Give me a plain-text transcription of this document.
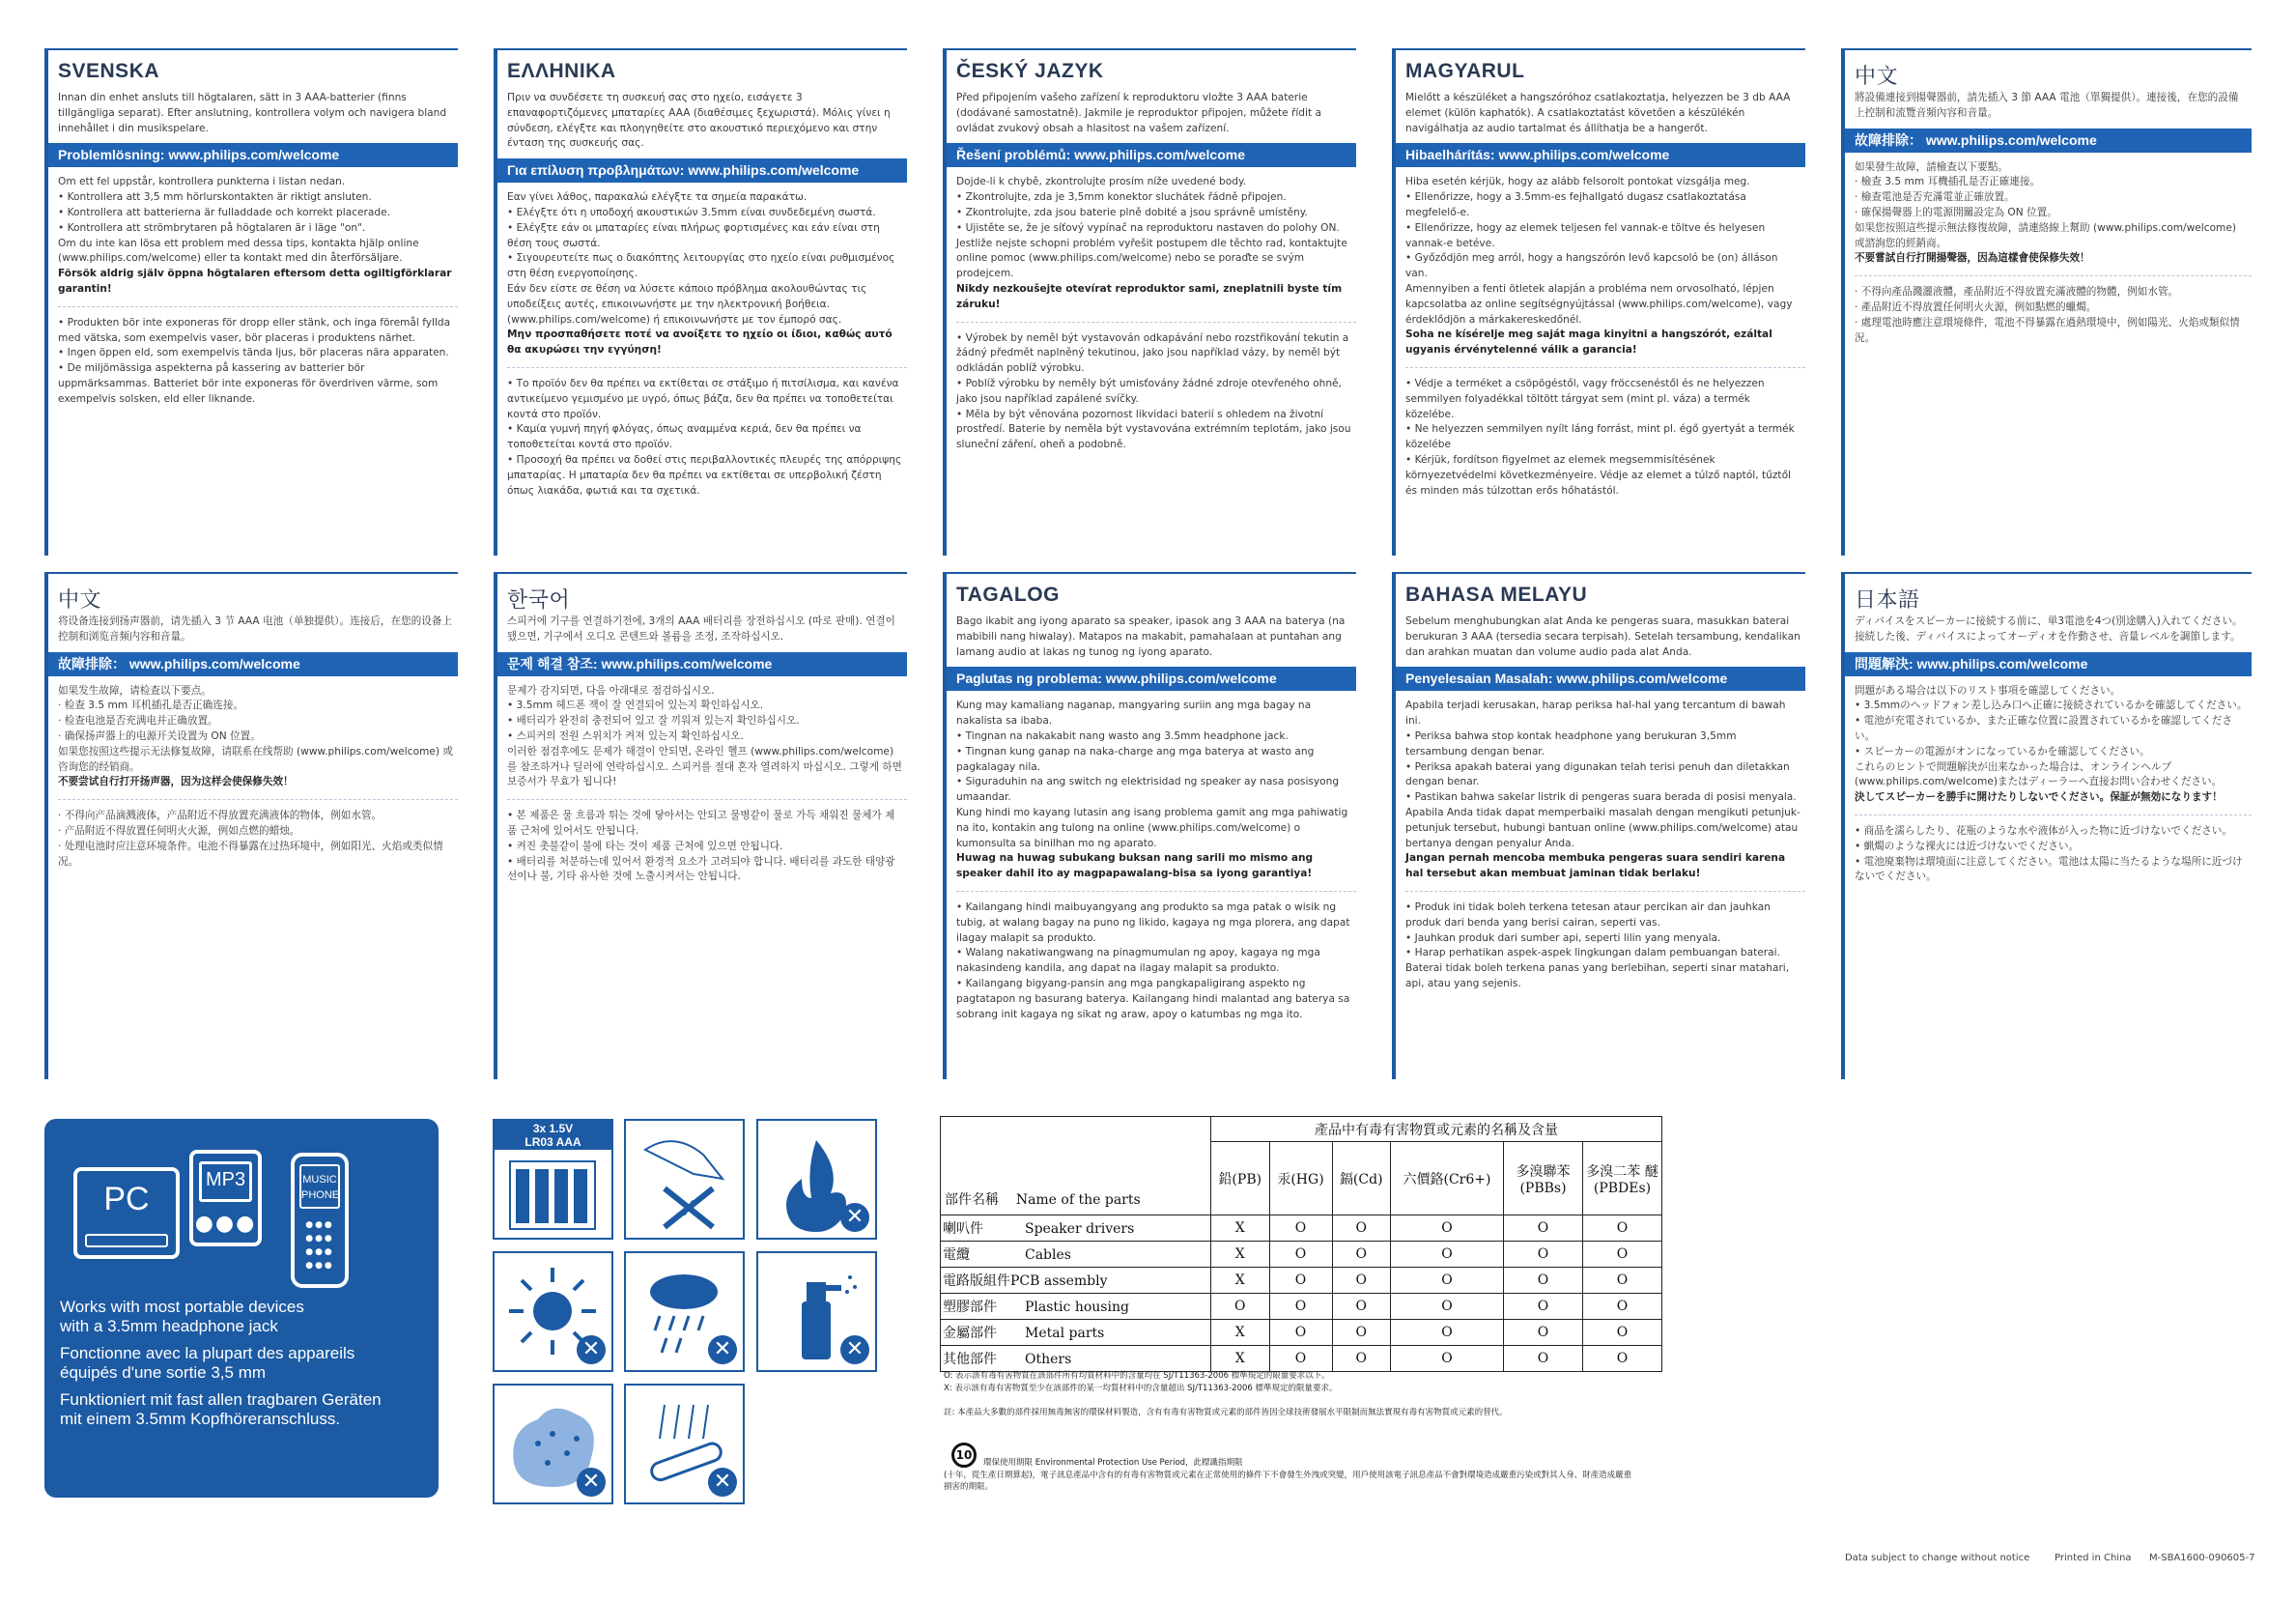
SVENSKA
Innan din enhet ansluts till högtalaren, sätt in 3 AAA-batterier (finns tillgängliga separat). Efter anslutning, kontrollera volym och navigera bland innehållet i din musikspelare.
Problemlösning: www.philips.com/welcome

Om ett fel uppstår, kontrollera punkterna i listan nedan.

• Kontrollera att 3,5 mm hörlurskontakten är riktigt ansluten.

• Kontrollera att batterierna är fulladdade och korrekt placerade.

• Kontrollera att strömbrytaren på högtalaren är i läge "on".

Om du inte kan lösa ett problem med dessa tips, kontakta hjälp online (www.philips.com/welcome) eller ta kontakt med din återförsäljare.

Försök aldrig själv öppna högtalaren eftersom detta ogiltigförklarar garantin!

• Produkten bör inte exponeras för dropp eller stänk, och inga föremål fyllda med vätska, som exempelvis vaser, bör placeras i produktens närhet.

• Ingen öppen eld, som exempelvis tända ljus, bör placeras nära apparaten.

• De miljömässiga aspekterna på kassering av batterier bör uppmärksammas. Batteriet bör inte exponeras för överdriven värme, som exempelvis solsken, eld eller liknande.

ΕΛΛΗΝΙΚΑ
Πριν να συνδέσετε τη συσκευή σας στο ηχείο, εισάγετε 3 επαναφορτιζόμενες μπαταρίες AAA (διαθέσιμες ξεχωριστά). Μόλις γίνει η σύνδεση, ελέγξτε και πλοηγηθείτε στο ακουστικό περιεχόμενο και στην ένταση της συσκευής σας.
Για επίλυση προβλημάτων: www.philips.com/welcome

Εαν γίνει λάθος, παρακαλώ ελέγξτε τα σημεία παρακάτω.

• Ελέγξτε ότι η υποδοχή ακουστικών 3.5mm είναι συνδεδεμένη σωστά.

• Ελέγξτε εάν οι μπαταρίες είναι πλήρως φορτισμένες και εάν είναι στη θέση τους σωστά.

• Σιγουρευτείτε πως ο διακόπτης λειτουργίας στο ηχείο είναι ρυθμισμένος στη θέση ενεργοποίησης.

Εάν δεν είστε σε θέση να λύσετε κάποιο πρόβλημα ακολουθώντας τις υποδείξεις αυτές, επικοινωνήστε με την ηλεκτρονική βοήθεια. (www.philips.com/welcome) ή επικοινωνήστε με τον έμπορό σας.

Μην προσπαθήσετε ποτέ να ανοίξετε το ηχείο οι ίδιοι, καθώς αυτό θα ακυρώσει την εγγύηση!

• Το προϊόν δεν θα πρέπει να εκτίθεται σε στάξιμο ή πιτσίλισμα, και κανένα αντικείμενο γεμισμένο με υγρό, όπως βάζα, δεν θα πρέπει να τοποθετείται κοντά στο προϊόν.

• Καμία γυμνή πηγή φλόγας, όπως αναμμένα κεριά, δεν θα πρέπει να τοποθετείται κοντά στο προϊόν.

• Προσοχή θα πρέπει να δοθεί στις περιβαλλοντικές πλευρές της απόρριψης μπαταρίας. Η μπαταρία δεν θα πρέπει να εκτίθεται σε υπερβολική ζέστη όπως λιακάδα, φωτιά και τα σχετικά.

ČESKÝ JAZYK
Před připojením vašeho zařízení k reproduktoru vložte 3 AAA baterie (dodávané samostatně). Jakmile je reproduktor připojen, můžete řídit a ovládat zvukový obsah a hlasitost na vašem zařízení.
Řešení problémů: www.philips.com/welcome

Dojde-li k chybě, zkontrolujte prosím níže uvedené body.

• Zkontrolujte, zda je 3,5mm konektor sluchátek řádně připojen.

• Zkontrolujte, zda jsou baterie plně dobité a jsou správně umístěny.

• Ujistěte se, že je síťový vypínač na reproduktoru nastaven do polohy ON.

Jestliže nejste schopni problém vyřešit postupem dle těchto rad, kontaktujte online pomoc (www.philips.com/welcome) nebo se poraďte se svým prodejcem.

Nikdy nezkoušejte otevírat reproduktor sami, zneplatnili byste tím záruku!

• Výrobek by neměl být vystavován odkapávání nebo rozstřikování tekutin a žádný předmět naplněný tekutinou, jako jsou například vázy, by neměl být odkládán poblíž výrobku.

• Poblíž výrobku by neměly být umisťovány žádné zdroje otevřeného ohně, jako jsou například zapálené svíčky.

• Měla by být věnována pozornost likvidaci baterií s ohledem na životní prostředí. Baterie by neměla být vystavována extrémním teplotám, jako jsou sluneční záření, oheň a podobně.

MAGYARUL
Mielőtt a készüléket a hangszóróhoz csatlakoztatja, helyezzen be 3 db AAA elemet (külön kaphatók). A csatlakoztatást követően a készülékén navigálhatja az audio tartalmat és állíthatja be a hangerőt.
Hibaelhárítás: www.philips.com/welcome

Hiba esetén kérjük, hogy az alább felsorolt pontokat vizsgálja meg.

• Ellenőrizze, hogy a 3.5mm-es fejhallgató dugasz csatlakoztatása megfelelő-e.

• Ellenőrizze, hogy az elemek teljesen fel vannak-e töltve és helyesen vannak-e betéve.

• Győződjön meg arról, hogy a hangszórón levő kapcsoló be (on) álláson van.

Amennyiben a fenti ötletek alapján a probléma nem orvosolható, lépjen kapcsolatba az online segítségnyújtással (www.philips.com/welcome), vagy érdeklődjön a márkakereskedőnél.

Soha ne kísérelje meg saját maga kinyitni a hangszórót, ezáltal ugyanis érvénytelenné válik a garancia!

• Védje a terméket a csöpögéstől, vagy fröccsenéstől és ne helyezzen semmilyen folyadékkal töltött tárgyat sem (mint pl. váza) a termék közelébe.

• Ne helyezzen semmilyen nyílt láng forrást, mint pl. égő gyertyát a termék közelébe

• Kérjük, fordítson figyelmet az elemek megsemmisítésének környezetvédelmi következményeire. Védje az elemet a túlző naptól, tűztől és minden más túlzottan erős hőhatástól.

中文
將設備連接到揚聲器前，請先插入 3 節 AAA 電池（單獨提供）。連接後，在您的設備上控制和流覽音頻內容和音量。
故障排除： www.philips.com/welcome

如果發生故障，請檢查以下要點。

· 檢查 3.5 mm 耳機插孔是否正確連接。

· 檢查電池是否充滿電並正確放置。

· 確保揚聲器上的電源開關設定為 ON 位置。

如果您按照這些提示無法修復故障，請連絡線上幫助 (www.philips.com/welcome) 或諮詢您的經銷商。

不要嘗試自行打開揚聲器，因為這樣會使保修失效！

· 不得向產品濺灑液體，產品附近不得放置充滿液體的物體，例如水管。

· 產品附近不得放置任何明火火源，例如點燃的蠟燭。

· 處理電池時應注意環境條件，電池不得暴露在過熱環境中，例如陽光、火焰或類似情況。

中文
将设备连接到扬声器前，请先插入 3 节 AAA 电池（单独提供）。连接后，在您的设备上控制和浏览音频内容和音量。
故障排除： www.philips.com/welcome

如果发生故障，请检查以下要点。

· 检查 3.5 mm 耳机插孔是否正确连接。

· 检查电池是否充满电并正确放置。

· 确保扬声器上的电源开关设置为 ON 位置。

如果您按照这些提示无法修复故障，请联系在线帮助 (www.philips.com/welcome) 或咨询您的经销商。

不要尝试自行打开扬声器，因为这样会使保修失效！

· 不得向产品滴溅液体，产品附近不得放置充满液体的物体，例如水管。

· 产品附近不得放置任何明火火源，例如点燃的蜡烛。

· 处理电池时应注意环境条件。电池不得暴露在过热环境中，例如阳光、火焰或类似情况。

한국어
스피커에 기구를 연결하기전에, 3개의 AAA 배터리를 장전하십시오 (따로 판매). 연결이 됐으면, 기구에서 오디오 콘텐트와 볼륨을 조정, 조작하십시오.
문제 해결 참조: www.philips.com/welcome

문제가 감지되면, 다음 아래대로 점검하십시오.

• 3.5mm 헤드폰 잭이 잘 연결되어 있는지 확인하십시오.

• 배터리가 완전히 충전되어 있고 잘 끼워져 있는지 확인하십시오.

• 스피커의 전원 스위치가 켜져 있는지 확인하십시오.

이러한 점검후에도 문제가 해결이 안되면, 온라인 헬프 (www.philips.com/welcome) 를 참조하거나 딜러에 연락하십시오. 스피커를 절대 혼자 열려하지 마십시오. 그렇게 하면 보증서가 무효가 됩니다!

• 본 제품은 물 흐름과 튀는 것에 닿아서는 안되고 물병같이 물로 가득 채워진 물체가 제품 근처에 있어서도 안됩니다.

• 켜진 촛불같이 불에 타는 것이 제품 근처에 있으면 안됩니다.

• 배터리를 처분하는데 있어서 환경적 요소가 고려되야 합니다. 배터리를 과도한 태양광선이나 불, 기타 유사한 것에 노출시켜서는 안됩니다.

TAGALOG
Bago ikabit ang iyong aparato sa speaker, ipasok ang 3 AAA na baterya (na mabibili nang hiwalay). Matapos na makabit, pamahalaan at puntahan ang lamang audio at lakas ng tunog ng iyong aparato.
Paglutas ng problema: www.philips.com/welcome

Kung may kamaliang naganap, mangyaring suriin ang mga bagay na nakalista sa ibaba.

• Tingnan na nakakabit nang wasto ang 3.5mm headphone jack.

• Tingnan kung ganap na naka-charge ang mga baterya at wasto ang pagkalagay nila.

• Siguraduhin na ang switch ng elektrisidad ng speaker ay nasa posisyong umaandar.

Kung hindi mo kayang lutasin ang isang problema gamit ang mga pahiwatig na ito, kontakin ang tulong na online (www.philips.com/welcome) o kumonsulta sa binilhan mo ng aparato.

Huwag na huwag subukang buksan nang sarili mo mismo ang speaker dahil ito ay magpapawalang-bisa sa iyong garantiya!

• Kailangang hindi maibuyangyang ang produkto sa mga patak o wisik ng tubig, at walang bagay na puno ng likido, kagaya ng mga plorera, ang dapat ilagay malapit sa produkto.

• Walang nakatiwangwang na pinagmumulan ng apoy, kagaya ng mga nakasindeng kandila, ang dapat na ilagay malapit sa produkto.

• Kailangang bigyang-pansin ang mga pangkapaligirang aspekto ng pagtatapon ng basurang baterya. Kailangang hindi malantad ang baterya sa sobrang init kagaya ng sikat ng araw, apoy o katumbas ng mga ito.

BAHASA MELAYU
Sebelum menghubungkan alat Anda ke pengeras suara, masukkan baterai berukuran 3 AAA (tersedia secara terpisah). Setelah tersambung, kendalikan dan arahkan muatan dan volume audio pada alat Anda.
Penyelesaian Masalah: www.philips.com/welcome

Apabila terjadi kerusakan, harap periksa hal-hal yang tercantum di bawah ini.

• Periksa bahwa stop kontak headphone yang berukuran 3,5mm tersambung dengan benar.

• Periksa apakah baterai yang digunakan telah terisi penuh dan diletakkan dengan benar.

• Pastikan bahwa sakelar listrik di pengeras suara berada di posisi menyala.

Apabila Anda tidak dapat memperbaiki masalah dengan mengikuti petunjuk-petunjuk tersebut, hubungi bantuan online (www.philips.com/welcome) atau bertanya dengan penyalur Anda.

Jangan pernah mencoba membuka pengeras suara sendiri karena hal tersebut akan membuat jaminan tidak berlaku!

• Produk ini tidak boleh terkena tetesan ataur percikan air dan jauhkan produk dari benda yang berisi cairan, seperti vas.

• Jauhkan produk dari sumber api, seperti lilin yang menyala.

• Harap perhatikan aspek-aspek lingkungan dalam pembuangan baterai. Baterai tidak boleh terkena panas yang berlebihan, seperti sinar matahari, api, atau yang sejenis.

日本語
ディバイスをスピーカーに接続する前に、単3電池を4つ(別途購入)入れてください。接続した後、ディバイスによってオーディオを作動させ、音量レベルを調節します。
問題解決: www.philips.com/welcome

問題がある場合は以下のリスト事項を確認してください。

• 3.5mmのヘッドフォン差し込み口へ正確に接続されているかを確認してください。

• 電池が充電されているか、また正確な位置に設置されているかを確認してください。

• スピーカーの電源がオンになっているかを確認してください。

これらのヒントで問題解決が出来なかった場合は、オンラインヘルプ(www.philips.com/welcome)またはディーラーへ直接お問い合わせください。

決してスピーカーを勝手に開けたりしないでください。保証が無効になります！

• 商品を濡らしたり、花瓶のような水や液体が入った物に近づけないでください。

• 蝋燭のような裸火には近づけないでください。

• 電池廃棄物は環境面に注意してください。電池は太陽に当たるような場所に近づけないでください。

PC
MP3
●●●
MUSIC
PHONE
●●●
●●●
●●●
●●●
Works with most portable devices
with a 3.5mm headphone jack
Fonctionne avec la plupart des appareils
équipés d'une sortie 3,5 mm
Funktioniert mit fast allen tragbaren Geräten
mit einem 3.5mm Kopfhöreranschluss.
3x 1.5V
LR03 AAA
✕
✕	✕	✕
✕	✕
部件名稱 Name of the parts	產品中有毒有害物質或元素的名稱及含量					
	鉛(PB)	汞(HG)	鎘(Cd)	六價鉻(Cr6+)	多溴聯苯 (PBBs)	多溴二苯 醚(PBDEs)
喇叭件 Speaker drivers	X	O	O	O	O	O
電纜 Cables	X	O	O	O	O	O
電路版組件PCB assembly	X	O	O	O	O	O
塑膠部件 Plastic housing	O	O	O	O	O	O
金屬部件 Metal parts	X	O	O	O	O	O
其他部件 Others	X	O	O	O	O	O
O: 表示該有毒有害物質在該部件所有均質材料中的含量均在 SJ/T11363-2006 標準規定的限量要求以下。
X: 表示該有毒有害物質至少在該部件的某一均質材料中的含量超出 SJ/T11363-2006 標準規定的限量要求。
註: 本產品大多數的部件採用無毒無害的環保材料製造，含有有毒有害物質或元素的部件皆因全球技術發展水平限制而無法實現有毒有害物質或元素的替代。
10
環保使用期限 Environmental Protection Use Period，此標識指期限
(十年，從生產日期算起)，電子訊息產品中含有的有毒有害物質或元素在正常使用的條件下不會發生外洩或突變，用戶使用該電子訊息產品不會對環境造成嚴重污染或對其人身、財產造成嚴重損害的期限。
Data subject to change without notice	Printed in China M-SBA1600-090605-7
